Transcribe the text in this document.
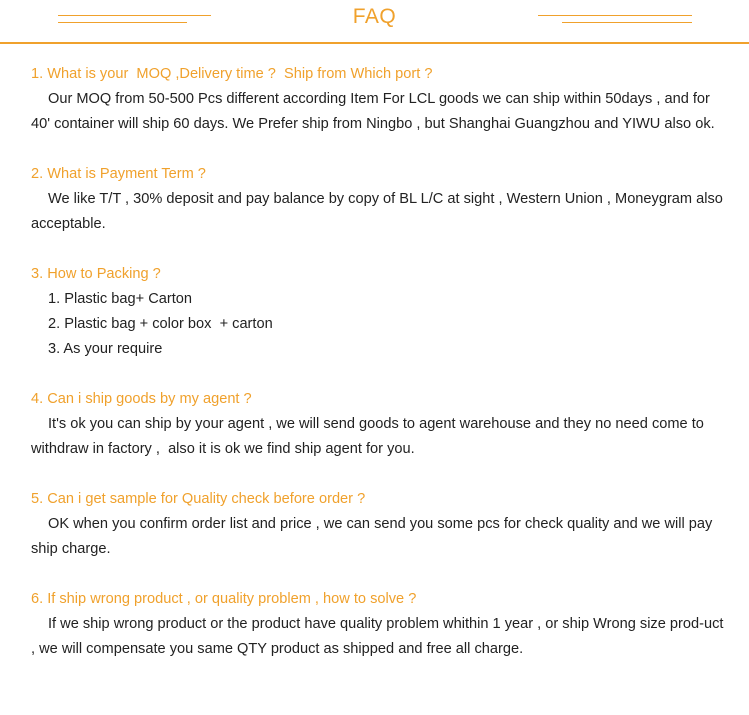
FAQ
1. What is your  MOQ ,Delivery time ?  Ship from Which port ?
Our MOQ from 50-500 Pcs different according Item For LCL goods we can ship within 50days , and for 40' container will ship 60 days. We Prefer ship from Ningbo , but Shanghai Guangzhou and YIWU also ok.
2. What is Payment Term ?
We like T/T , 30% deposit and pay balance by copy of BL L/C at sight , Western Union , Moneygram also acceptable.
3. How to Packing ?
1. Plastic bag+ Carton
2. Plastic bag + color box  + carton
3. As your require
4. Can i ship goods by my agent ?
It's ok you can ship by your agent , we will send goods to agent warehouse and they no need come to withdraw in factory ,  also it is ok we find ship agent for you.
5. Can i get sample for Quality check before order ?
OK when you confirm order list and price , we can send you some pcs for check quality and we will pay ship charge.
6. If ship wrong product , or quality problem , how to solve ?
If we ship wrong product or the product have quality problem whithin 1 year , or ship Wrong size prod-uct , we will compensate you same QTY product as shipped and free all charge.
